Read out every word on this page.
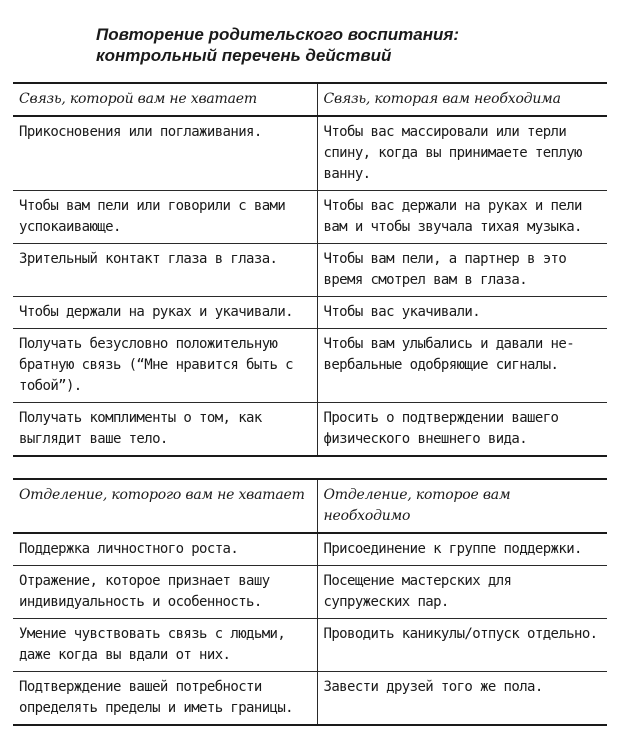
Повторение родительского воспитания:
контрольный перечень действий
Связь, которой вам не хватает	Связь, которая вам необходима
Прикосновения или поглаживания.	Чтобы вас массировали или терли спину, когда вы принимаете теплую ванну.
Чтобы вам пели или говорили с вами успокаивающе.	Чтобы вас держали на руках и пели вам и чтобы звучала тихая музыка.
Зрительный контакт глаза в глаза.	Чтобы вам пели, а партнер в это время смотрел вам в глаза.
Чтобы держали на руках и укачивали.	Чтобы вас укачивали.
Получать безусловно положительную братную связь (“Мне нравится быть с тобой”).	Чтобы вам улыбались и давали не-вербальные одобряющие сигналы.
Получать комплименты о том, как выглядит ваше тело.	Просить о подтверждении вашего физического внешнего вида.
Отделение, которого вам не хватает	Отделение, которое вам необходимо
Поддержка личностного роста.	Присоединение к группе поддержки.
Отражение, которое признает вашу индивидуальность и особенность.	Посещение мастерских для супружеских пар.
Умение чувствовать связь с людьми, даже когда вы вдали от них.	Проводить каникулы/отпуск отдельно.
Подтверждение вашей потребности определять пределы и иметь границы.	Завести друзей того же пола.
